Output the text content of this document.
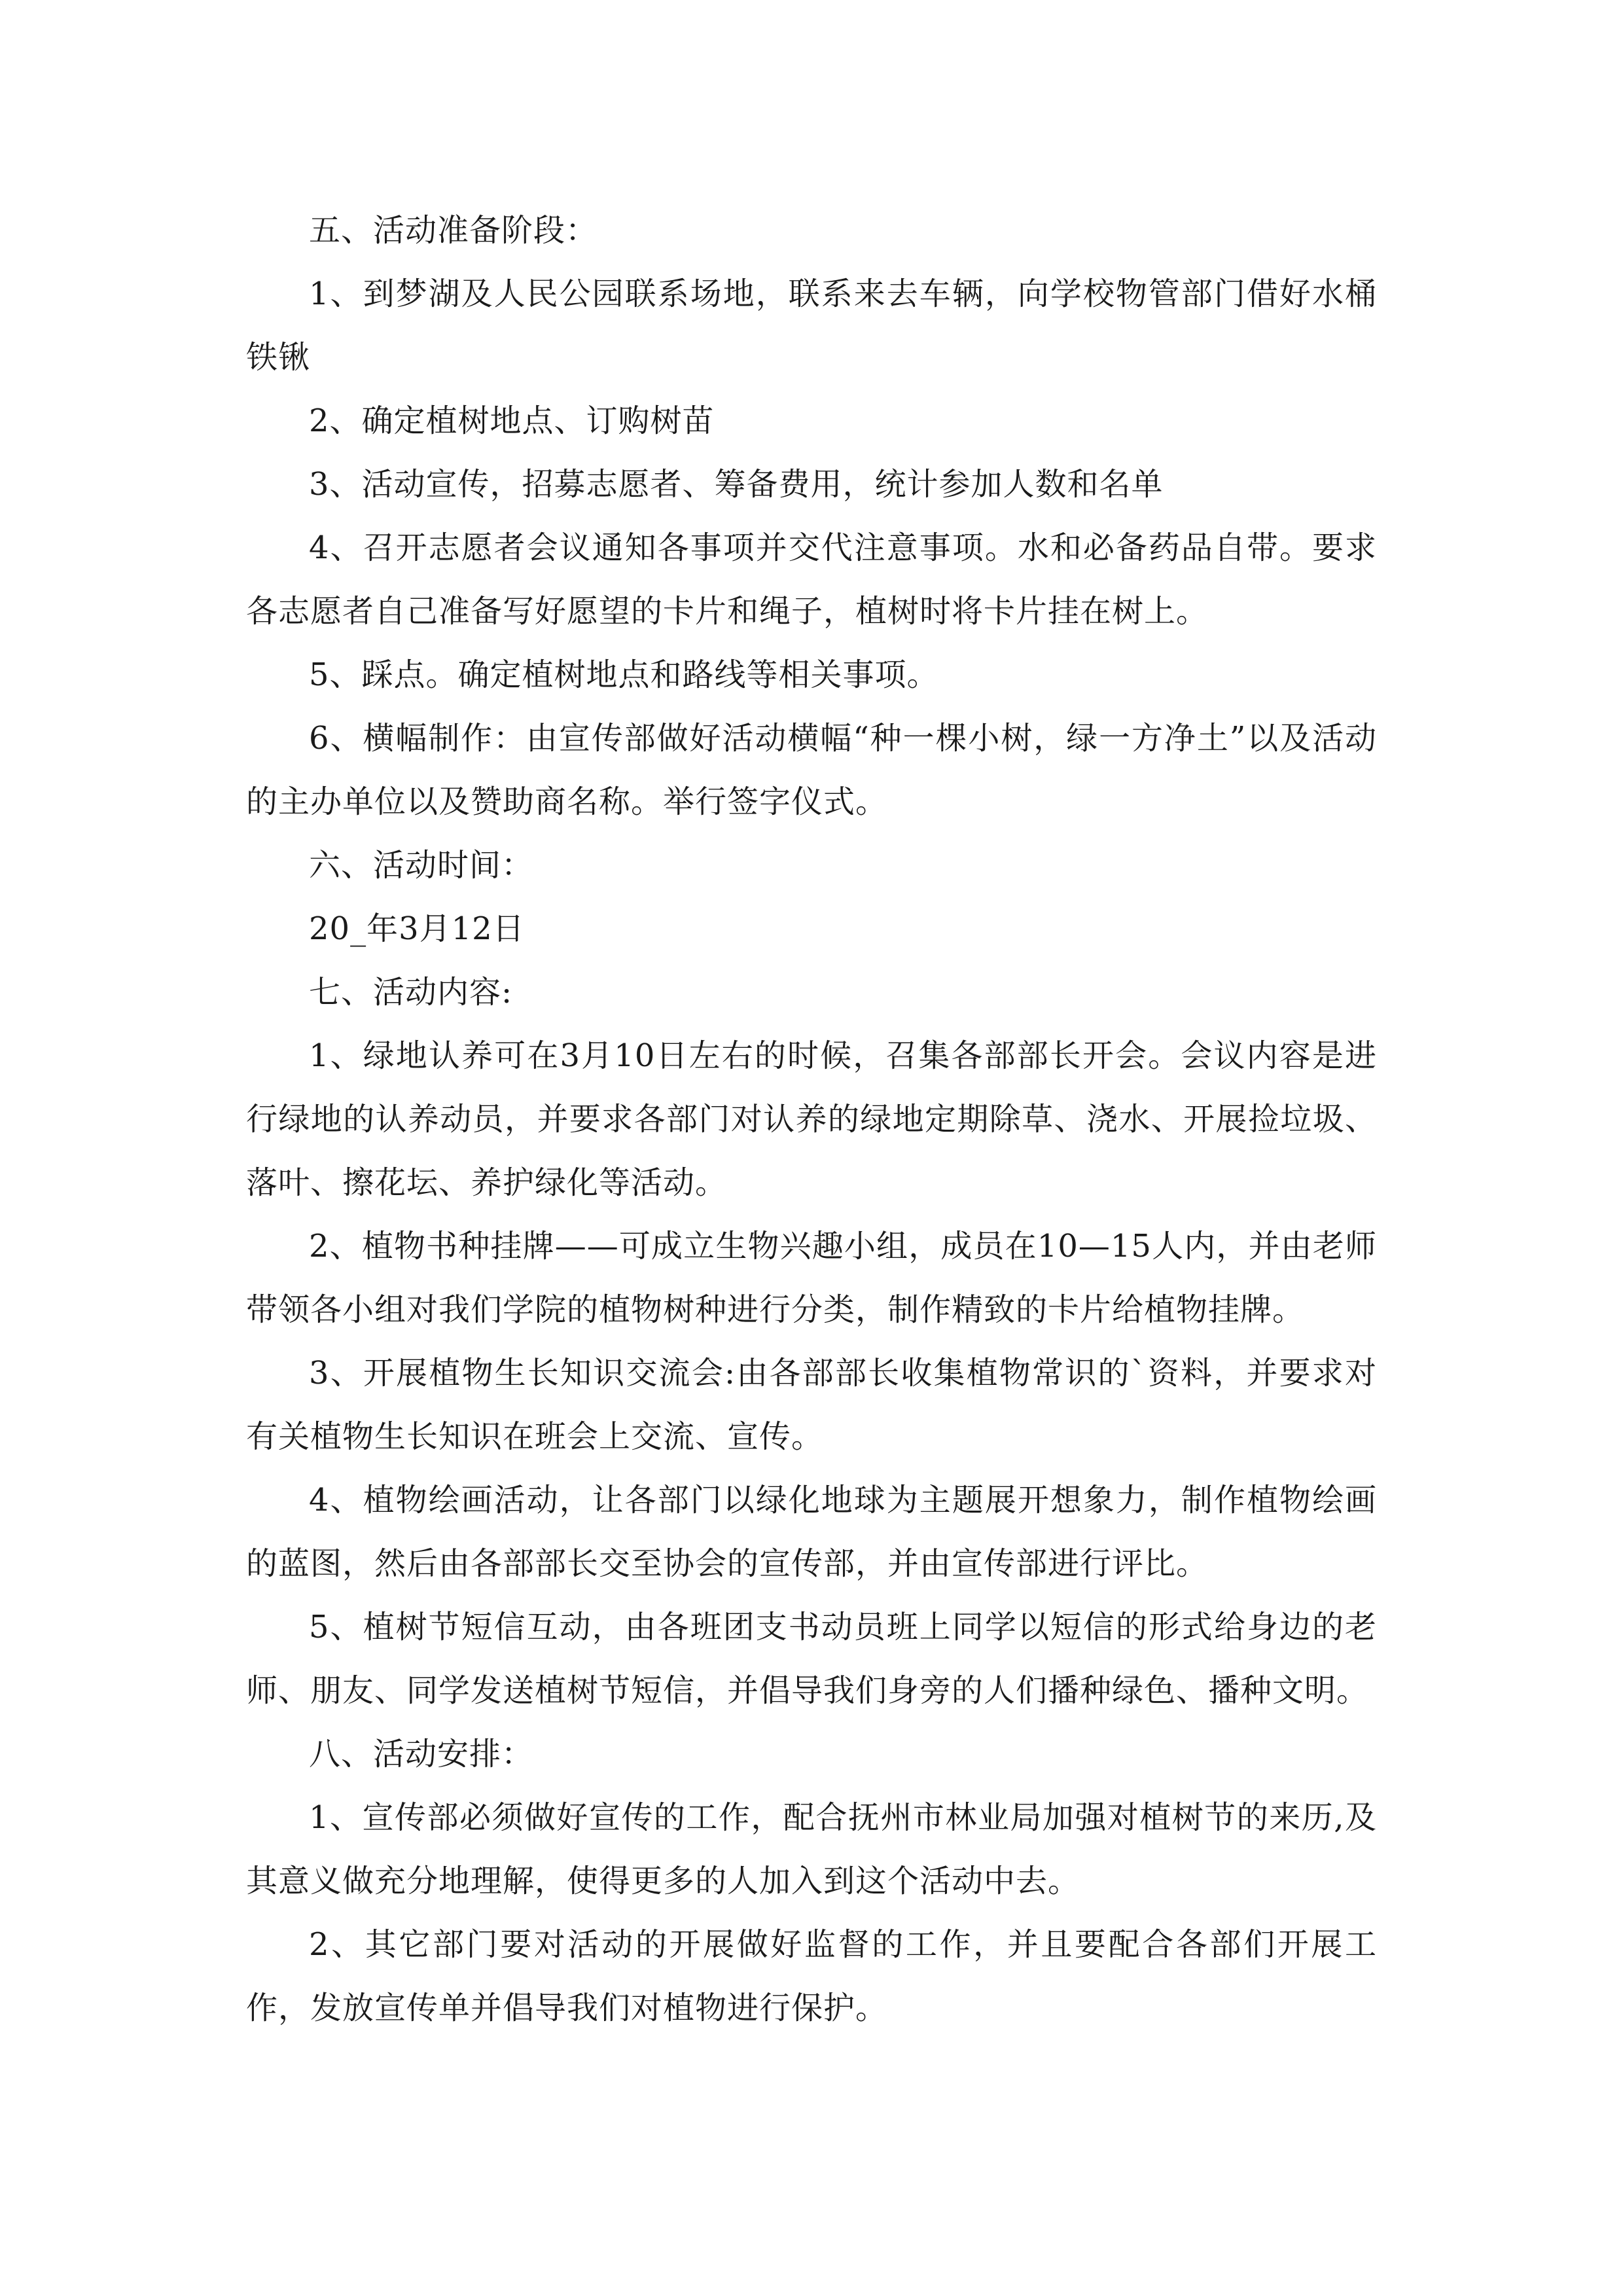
五、活动准备阶段：

1、到梦湖及人民公园联系场地，联系来去车辆，向学校物管部门借好水桶铁锹

2、确定植树地点、订购树苗

3、活动宣传，招募志愿者、筹备费用，统计参加人数和名单

4、召开志愿者会议通知各事项并交代注意事项。水和必备药品自带。要求各志愿者自己准备写好愿望的卡片和绳子，植树时将卡片挂在树上。

5、踩点。确定植树地点和路线等相关事项。

6、横幅制作：由宣传部做好活动横幅“种一棵小树，绿一方净土”以及活动的主办单位以及赞助商名称。举行签字仪式。

六、活动时间：

20_年3月12日

七、活动内容:

1、绿地认养可在3月10日左右的时候，召集各部部长开会。会议内容是进行绿地的认养动员，并要求各部门对认养的绿地定期除草、浇水、开展捡垃圾、落叶、擦花坛、养护绿化等活动。

2、植物书种挂牌——可成立生物兴趣小组，成员在10—15人内，并由老师带领各小组对我们学院的植物树种进行分类，制作精致的卡片给植物挂牌。

3、开展植物生长知识交流会:由各部部长收集植物常识的`资料，并要求对有关植物生长知识在班会上交流、宣传。

4、植物绘画活动，让各部门以绿化地球为主题展开想象力，制作植物绘画的蓝图，然后由各部部长交至协会的宣传部，并由宣传部进行评比。

5、植树节短信互动，由各班团支书动员班上同学以短信的形式给身边的老师、朋友、同学发送植树节短信，并倡导我们身旁的人们播种绿色、播种文明。

八、活动安排：

1、宣传部必须做好宣传的工作，配合抚州市林业局加强对植树节的来历,及其意义做充分地理解，使得更多的人加入到这个活动中去。

2、其它部门要对活动的开展做好监督的工作，并且要配合各部们开展工作，发放宣传单并倡导我们对植物进行保护。
